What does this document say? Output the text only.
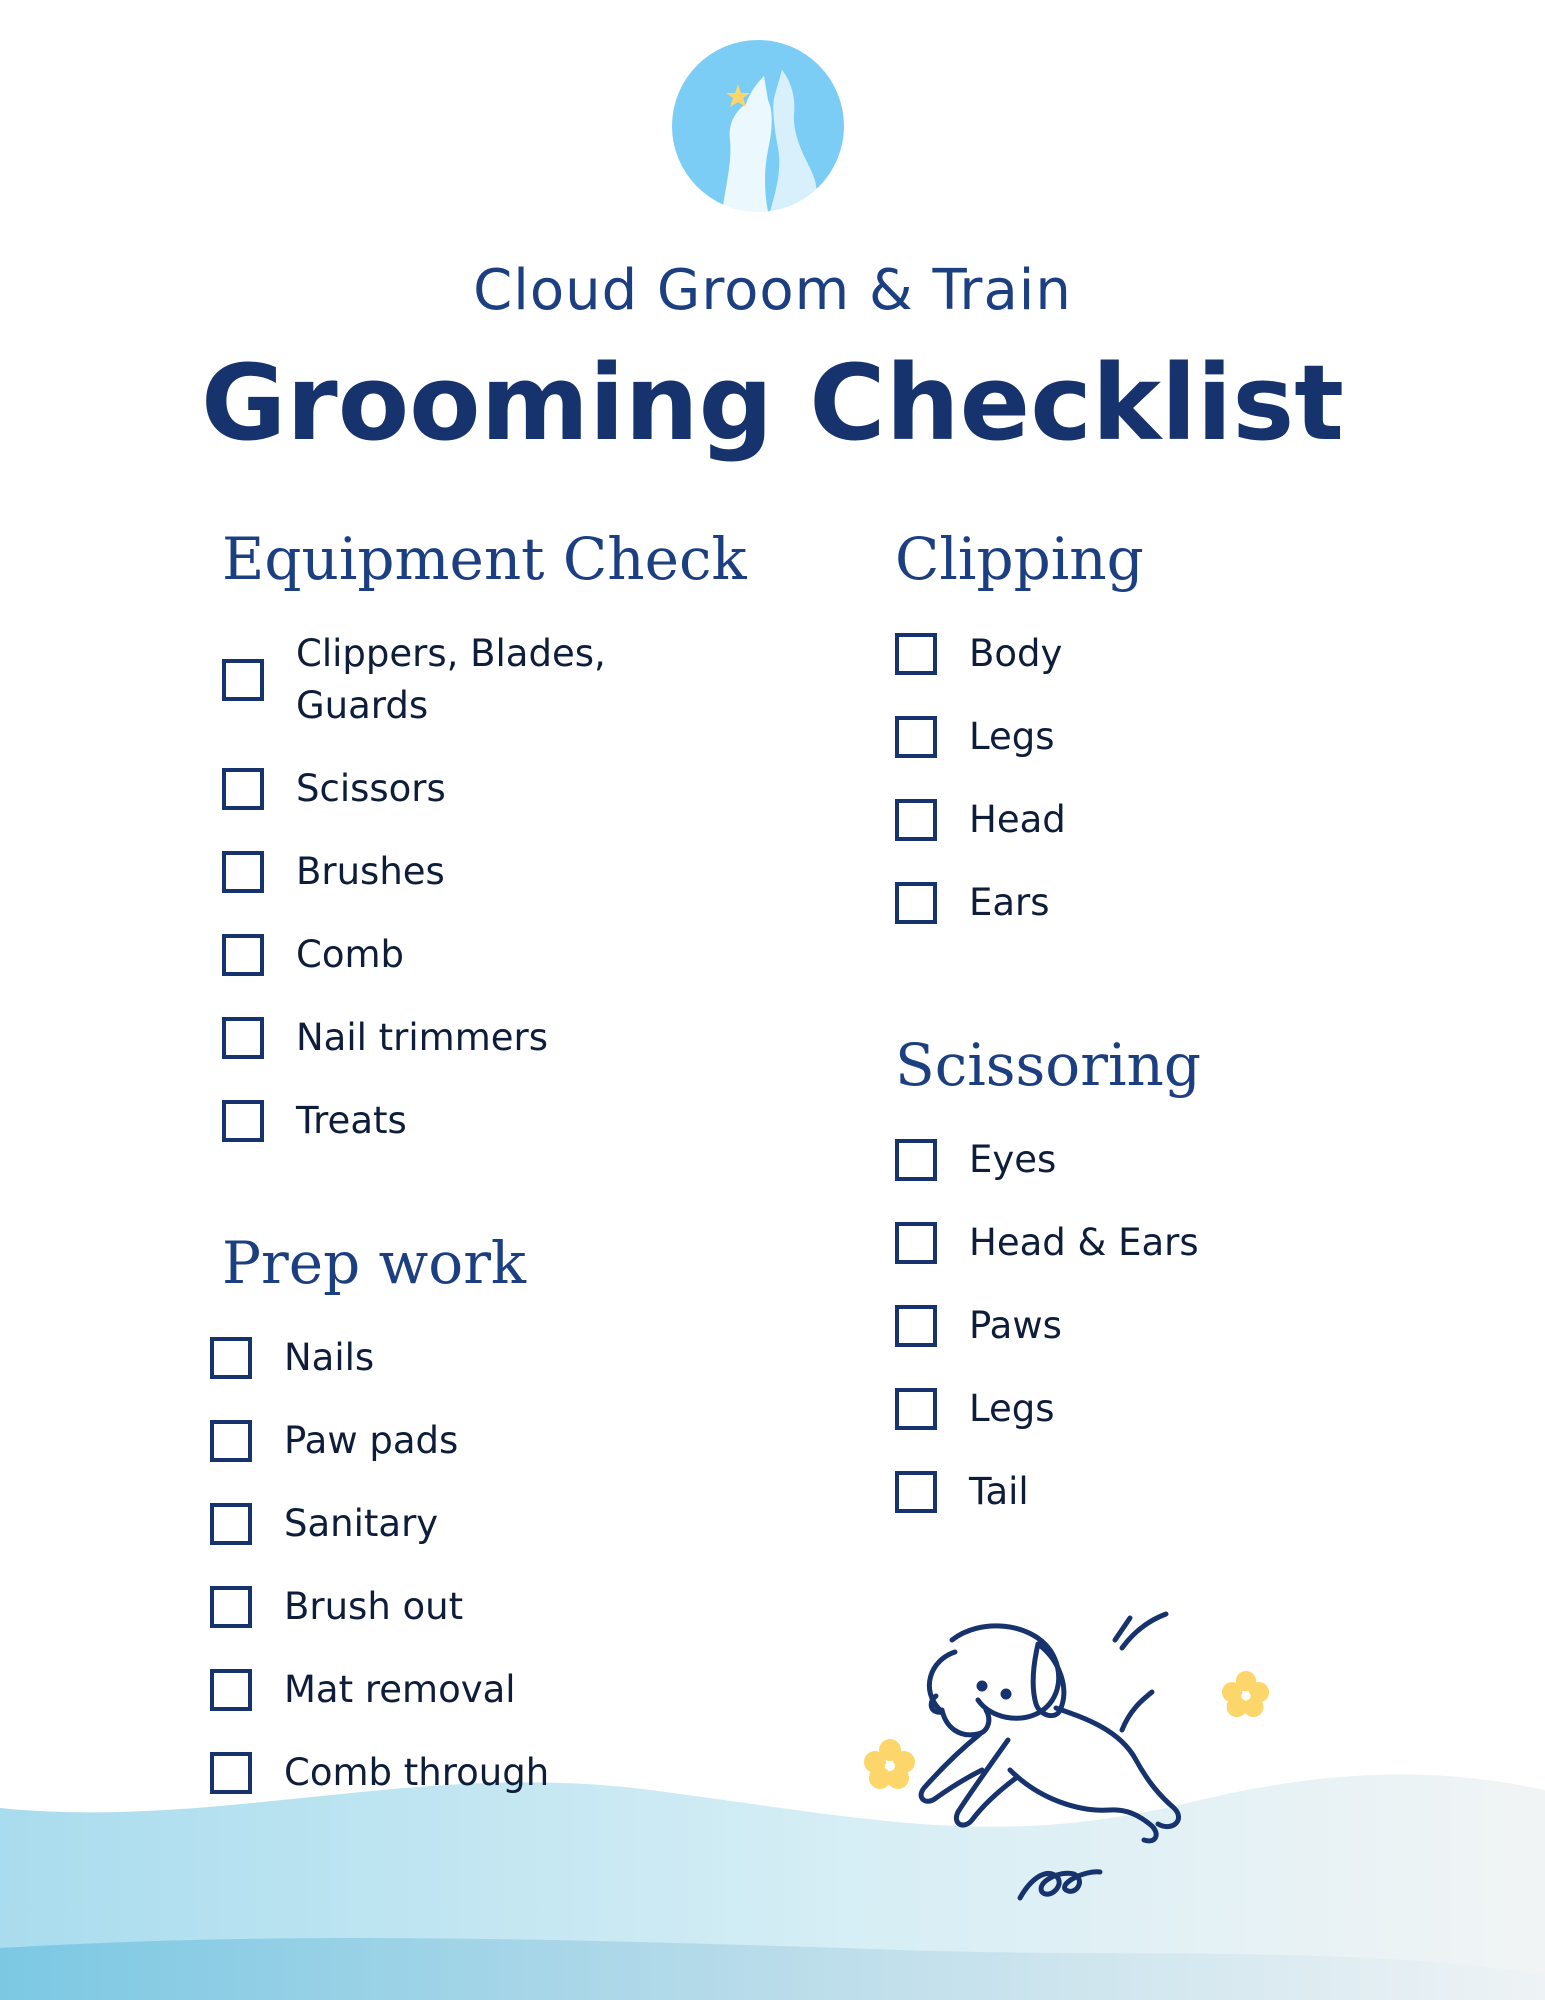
Cloud Groom & Train
Grooming Checklist
Equipment Check
Clippers, Blades, Guards
Scissors
Brushes
Comb
Nail trimmers
Treats
Prep work
Nails
Paw pads
Sanitary
Brush out
Mat removal
Comb through
Clipping
Body
Legs
Head
Ears
Scissoring
Eyes
Head & Ears
Paws
Legs
Tail
